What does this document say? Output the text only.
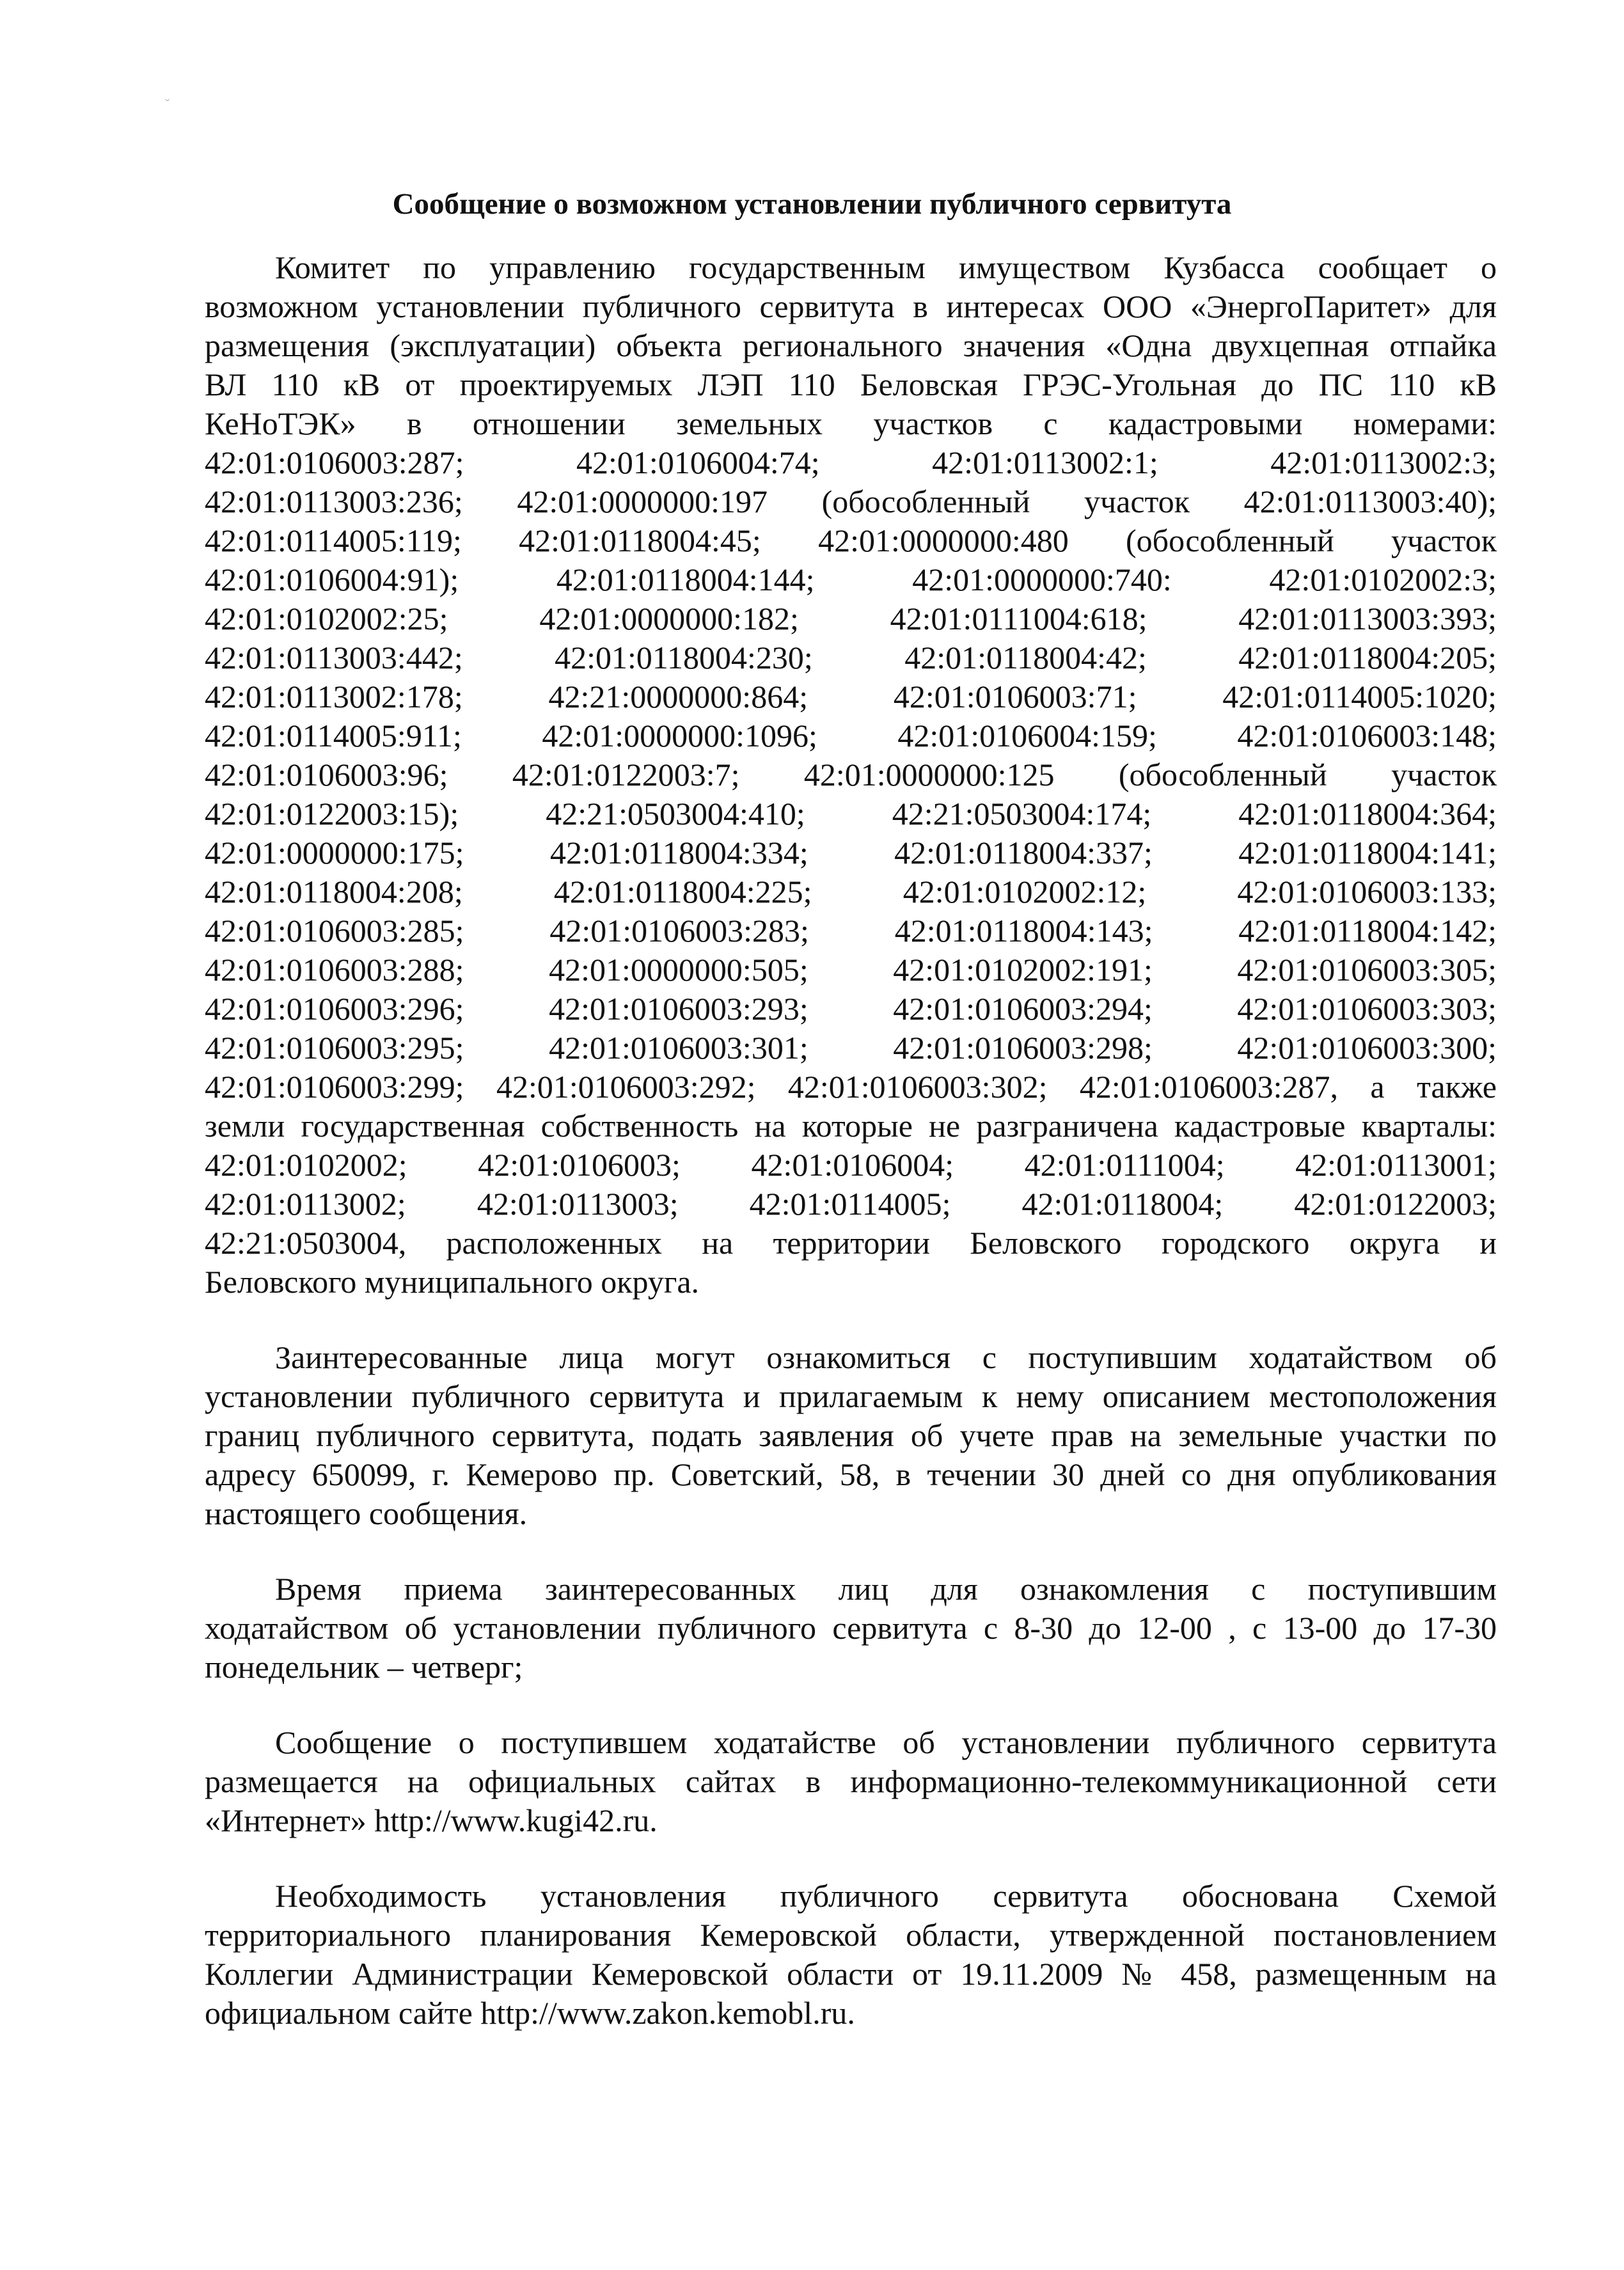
ˇ
Сообщение о возможном установлении публичного сервитута
Комитет по управлению государственным имуществом Кузбасса сообщает о
возможном установлении публичного сервитута в интересах ООО «ЭнергоПаритет» для
размещения (эксплуатации) объекта регионального значения «Одна двухцепная отпайка
ВЛ 110 кВ от проектируемых ЛЭП 110 Беловская ГРЭС-Угольная до ПС 110 кВ
КеНоТЭК» в отношении земельных участков с кадастровыми номерами:
42:01:0106003:287; 42:01:0106004:74; 42:01:0113002:1; 42:01:0113002:3;
42:01:0113003:236; 42:01:0000000:197 (обособленный участок 42:01:0113003:40);
42:01:0114005:119; 42:01:0118004:45; 42:01:0000000:480 (обособленный участок
42:01:0106004:91); 42:01:0118004:144; 42:01:0000000:740: 42:01:0102002:3;
42:01:0102002:25; 42:01:0000000:182; 42:01:0111004:618; 42:01:0113003:393;
42:01:0113003:442; 42:01:0118004:230; 42:01:0118004:42; 42:01:0118004:205;
42:01:0113002:178; 42:21:0000000:864; 42:01:0106003:71; 42:01:0114005:1020;
42:01:0114005:911; 42:01:0000000:1096; 42:01:0106004:159; 42:01:0106003:148;
42:01:0106003:96; 42:01:0122003:7; 42:01:0000000:125 (обособленный участок
42:01:0122003:15); 42:21:0503004:410; 42:21:0503004:174; 42:01:0118004:364;
42:01:0000000:175; 42:01:0118004:334; 42:01:0118004:337; 42:01:0118004:141;
42:01:0118004:208; 42:01:0118004:225; 42:01:0102002:12; 42:01:0106003:133;
42:01:0106003:285; 42:01:0106003:283; 42:01:0118004:143; 42:01:0118004:142;
42:01:0106003:288; 42:01:0000000:505; 42:01:0102002:191; 42:01:0106003:305;
42:01:0106003:296; 42:01:0106003:293; 42:01:0106003:294; 42:01:0106003:303;
42:01:0106003:295; 42:01:0106003:301; 42:01:0106003:298; 42:01:0106003:300;
42:01:0106003:299; 42:01:0106003:292; 42:01:0106003:302; 42:01:0106003:287, а также
земли государственная собственность на которые не разграничена кадастровые кварталы:
42:01:0102002; 42:01:0106003; 42:01:0106004; 42:01:0111004; 42:01:0113001;
42:01:0113002; 42:01:0113003; 42:01:0114005; 42:01:0118004; 42:01:0122003;
42:21:0503004, расположенных на территории Беловского городского округа и
Беловского муниципального округа.
Заинтересованные лица могут ознакомиться с поступившим ходатайством об
установлении публичного сервитута и прилагаемым к нему описанием местоположения
границ публичного сервитута, подать заявления об учете прав на земельные участки по
адресу 650099, г. Кемерово пр. Советский, 58, в течении 30 дней со дня опубликования
настоящего сообщения.
Время приема заинтересованных лиц для ознакомления с поступившим
ходатайством об установлении публичного сервитута с 8-30 до 12-00 , с 13-00 до 17-30
понедельник – четверг;
Сообщение о поступившем ходатайстве об установлении публичного сервитута
размещается на официальных сайтах в информационно-телекоммуникационной сети
«Интернет» http://www.kugi42.ru.
Необходимость установления публичного сервитута обоснована Схемой
территориального планирования Кемеровской области, утвержденной постановлением
Коллегии Администрации Кемеровской области от 19.11.2009 № 458, размещенным на
официальном сайте http://www.zakon.kemobl.ru.
